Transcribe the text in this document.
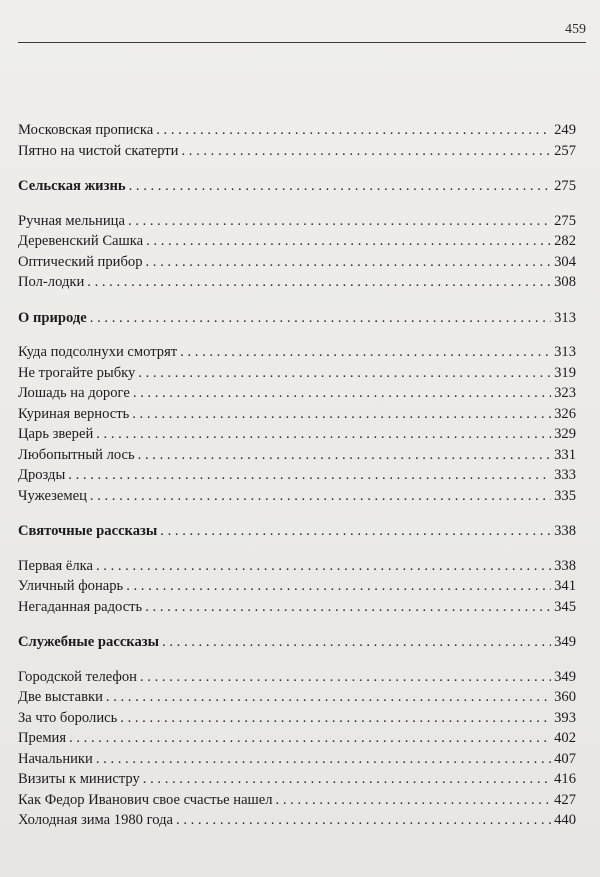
459
Московская прописка . . .	249
Пятно на чистой скатерти . . .	257
Сельская жизнь . . .	275
Ручная мельница . . .	275
Деревенский Сашка . . .	282
Оптический прибор . . .	304
Пол-лодки . . .	308
О природе . . .	313
Куда подсолнухи смотрят . . .	313
Не трогайте рыбку . . .	319
Лошадь на дороге . . .	323
Куриная верность . . .	326
Царь зверей . . .	329
Любопытный лось . . .	331
Дрозды . . .	333
Чужеземец . . .	335
Святочные рассказы . . .	338
Первая ёлка . . .	338
Уличный фонарь . . .	341
Негаданная радость . . .	345
Служебные рассказы . . .	349
Городской телефон . . .	349
Две выставки . . .	360
За что боролись . . .	393
Премия . . .	402
Начальники . . .	407
Визиты к министру . . .	416
Как Федор Иванович свое счастье нашел . . .	427
Холодная зима 1980 года . . .	440
